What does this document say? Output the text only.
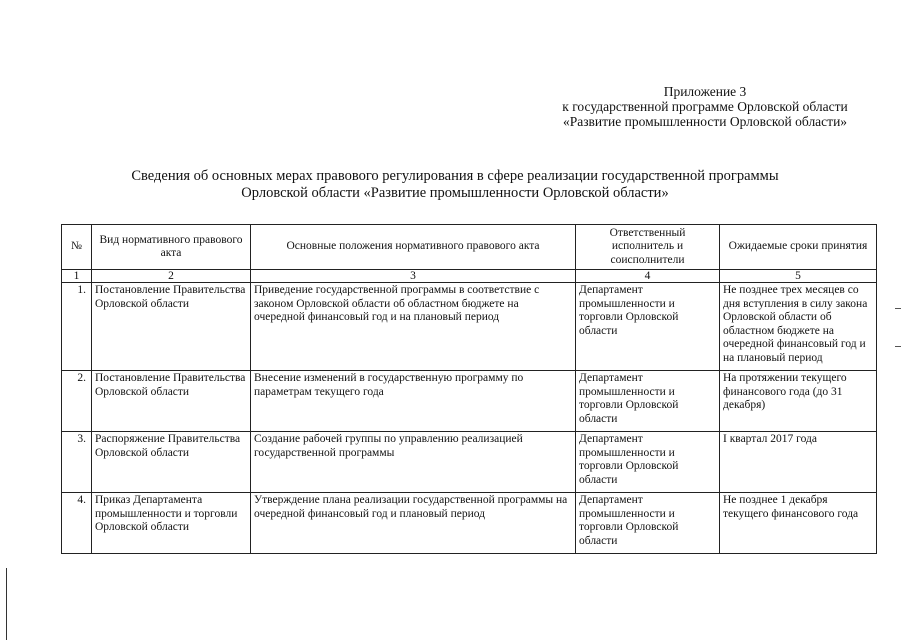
Приложение 3
к государственной программе Орловской области
«Развитие промышленности Орловской области»
Сведения об основных мерах правового регулирования в сфере реализации государственной программы
Орловской области «Развитие промышленности Орловской области»
№	Вид нормативного правового акта	Основные положения нормативного правового акта	Ответственный исполнитель и соисполнители	Ожидаемые сроки принятия
1	2	3	4	5
1.	Постановление Правительства Орловской области	Приведение государственной программы в соответствие с законом Орловской области об областном бюджете на очередной финансовый год и на плановый период	Департамент промышленности и торговли Орловской области	Не позднее трех месяцев со дня вступления в силу закона Орловской области об областном бюджете на очередной финансовый год и на плановый период
2.	Постановление Правительства Орловской области	Внесение изменений в государственную программу по параметрам текущего года	Департамент промышленности и торговли Орловской области	На протяжении текущего финансового года (до 31 декабря)
3.	Распоряжение Правительства Орловской области	Создание рабочей группы по управлению реализацией государственной программы	Департамент промышленности и торговли Орловской области	I квартал 2017 года
4.	Приказ Департамента промышленности и торговли Орловской области	Утверждение плана реализации государственной программы на очередной финансовый год и плановый период	Департамент промышленности и торговли Орловской области	Не позднее 1 декабря текущего финансового года
